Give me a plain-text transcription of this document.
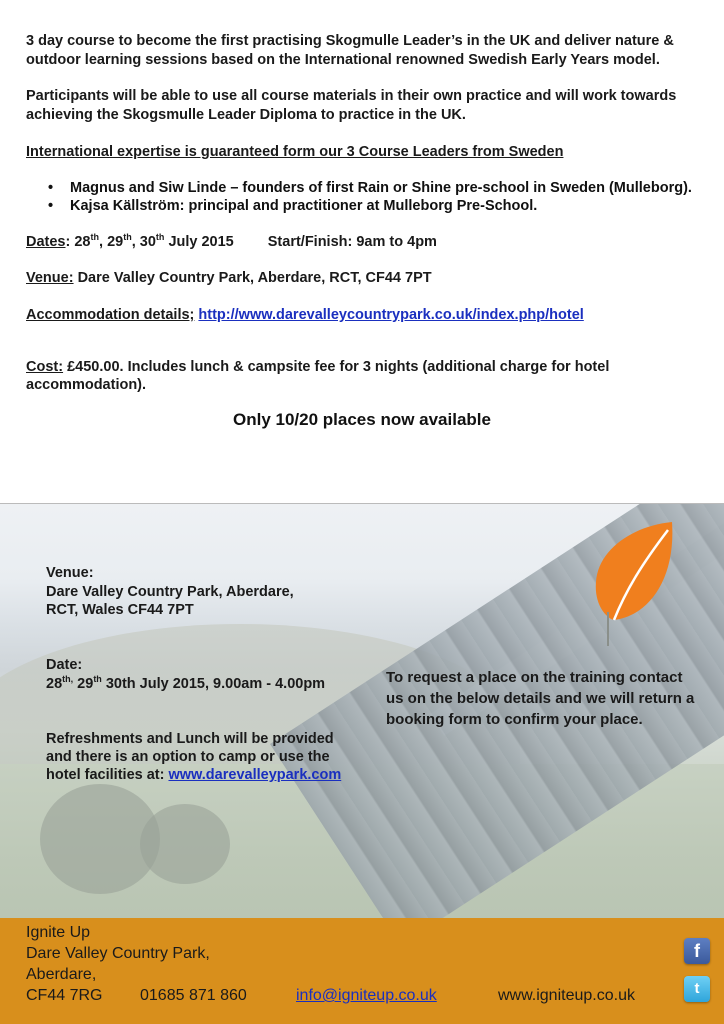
3 day course to become the first practising Skogmulle Leader’s in the UK and deliver nature &

outdoor learning sessions based on the International renowned Swedish Early Years model.

Participants will be able to use all course materials in their own practice and will work towards

achieving the Skogsmulle Leader Diploma to practice in the UK.

International expertise is guaranteed form our 3 Course Leaders from Sweden

• Magnus and Siw Linde – founders of first Rain or Shine pre-school in Sweden (Mulleborg).
• Kajsa Källström: principal and practitioner at Mulleborg Pre-School.

Dates: 28th, 29th, 30th July 2015 Start/Finish: 9am to 4pm

Venue: Dare Valley Country Park, Aberdare, RCT, CF44 7PT

Accommodation details; http://www.darevalleycountrypark.co.uk/index.php/hotel

Cost: £450.00. Includes lunch & campsite fee for 3 nights (additional charge for hotel

accommodation).

Only 10/20 places now available
Venue:
Dare Valley Country Park, Aberdare,
RCT, Wales CF44 7PT
Date:
$28^{th,}$ 29th 30th July 2015, 9.00am - 4.00pm
Refreshments and Lunch will be provided
and there is an option to camp or use the
hotel facilities at: www.darevalleypark.com
To request a place on the training contact us on the below details and we will return a booking form to confirm your place.
Ignite Up
Dare Valley Country Park,
Aberdare,
CF44 7RG 01685 871 860	info@igniteup.co.uk	www.igniteup.co.uk
f
t
